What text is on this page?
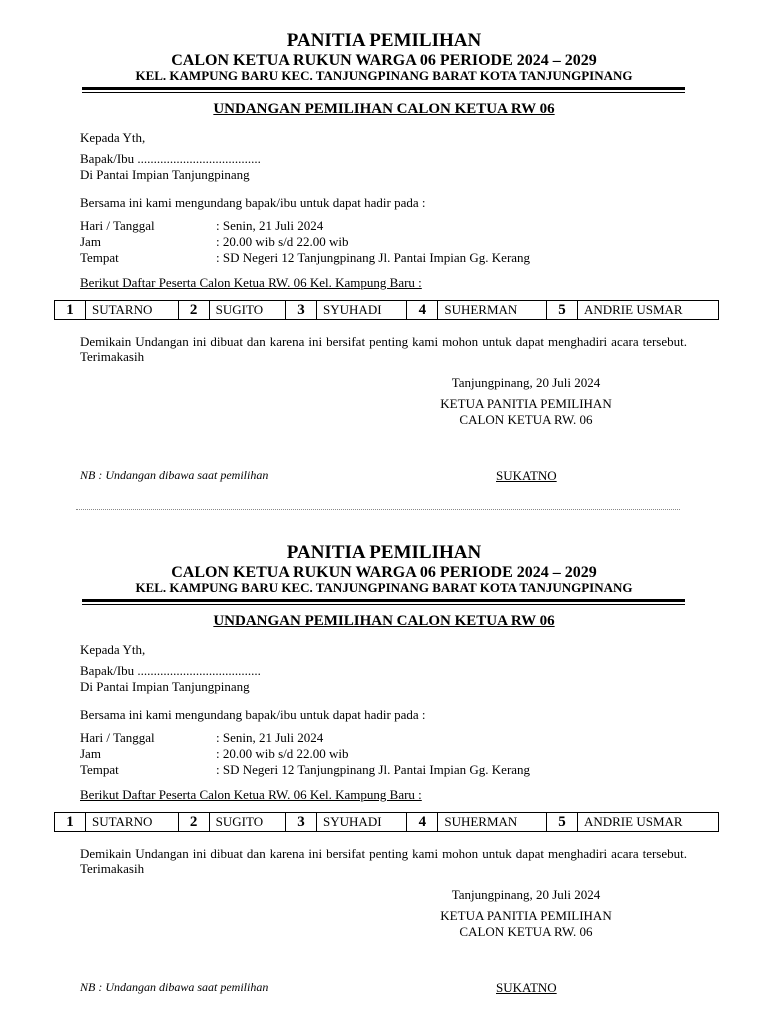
PANITIA PEMILIHAN
CALON KETUA RUKUN WARGA 06 PERIODE 2024 – 2029
KEL. KAMPUNG BARU KEC. TANJUNGPINANG BARAT KOTA TANJUNGPINANG
UNDANGAN PEMILIHAN CALON KETUA RW 06
Kepada Yth,
Bapak/Ibu ......................................
Di Pantai Impian Tanjungpinang
Bersama ini kami mengundang bapak/ibu untuk dapat hadir pada :
Hari / Tanggal	: Senin, 21 Juli 2024
Jam	: 20.00 wib s/d 22.00 wib
Tempat	: SD Negeri 12 Tanjungpinang Jl. Pantai Impian Gg. Kerang
Berikut Daftar Peserta Calon Ketua RW. 06 Kel. Kampung Baru :
1	SUTARNO	2	SUGITO	3	SYUHADI	4	SUHERMAN	5	ANDRIE USMAR
Demikain Undangan ini dibuat dan karena ini bersifat penting kami mohon untuk dapat menghadiri acara tersebut. Terimakasih
Tanjungpinang, 20 Juli 2024
KETUA PANITIA PEMILIHAN
CALON KETUA RW. 06
NB : Undangan dibawa saat pemilihan	SUKATNO
PANITIA PEMILIHAN
CALON KETUA RUKUN WARGA 06 PERIODE 2024 – 2029
KEL. KAMPUNG BARU KEC. TANJUNGPINANG BARAT KOTA TANJUNGPINANG
UNDANGAN PEMILIHAN CALON KETUA RW 06
Kepada Yth,
Bapak/Ibu ......................................
Di Pantai Impian Tanjungpinang
Bersama ini kami mengundang bapak/ibu untuk dapat hadir pada :
Hari / Tanggal	: Senin, 21 Juli 2024
Jam	: 20.00 wib s/d 22.00 wib
Tempat	: SD Negeri 12 Tanjungpinang Jl. Pantai Impian Gg. Kerang
Berikut Daftar Peserta Calon Ketua RW. 06 Kel. Kampung Baru :
1	SUTARNO	2	SUGITO	3	SYUHADI	4	SUHERMAN	5	ANDRIE USMAR
Demikain Undangan ini dibuat dan karena ini bersifat penting kami mohon untuk dapat menghadiri acara tersebut. Terimakasih
Tanjungpinang, 20 Juli 2024
KETUA PANITIA PEMILIHAN
CALON KETUA RW. 06
NB : Undangan dibawa saat pemilihan	SUKATNO
